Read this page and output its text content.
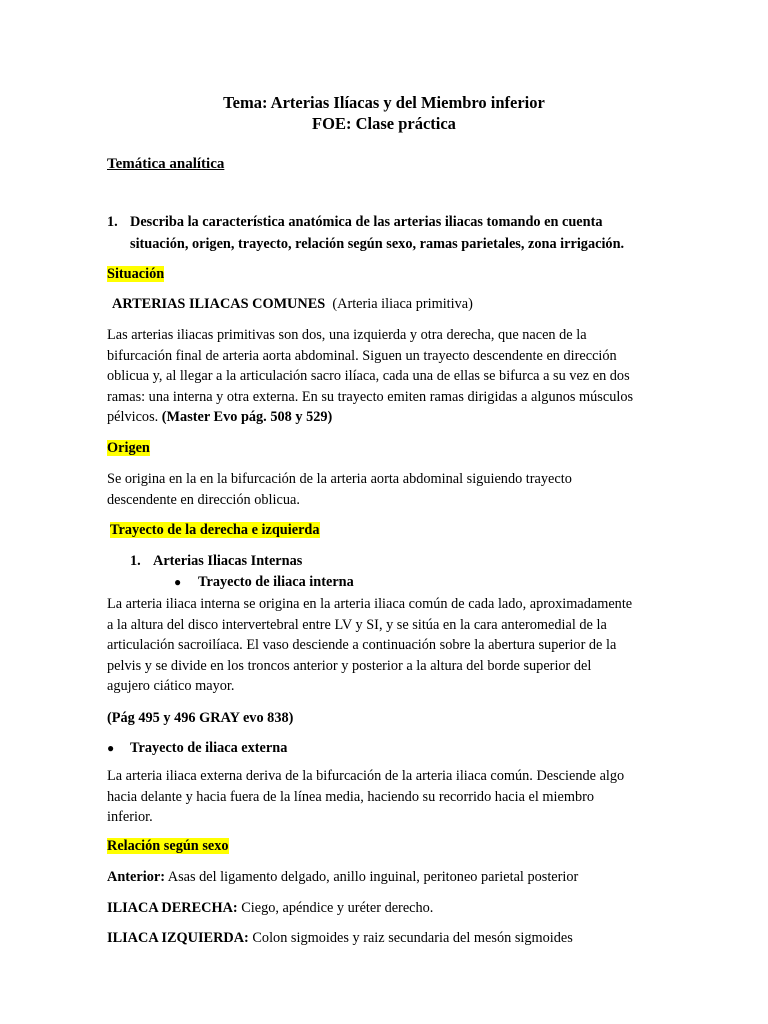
Tema: Arterias Ilíacas y del Miembro inferior
FOE: Clase práctica
Temática analítica
1. Describa la característica anatómica de las arterias iliacas tomando en cuenta
situación, origen, trayecto, relación según sexo, ramas parietales, zona irrigación.
Situación
ARTERIAS ILIACAS COMUNES (Arteria iliaca primitiva)
Las arterias iliacas primitivas son dos, una izquierda y otra derecha, que nacen de la
bifurcación final de arteria aorta abdominal. Siguen un trayecto descendente en dirección
oblicua y, al llegar a la articulación sacro ilíaca, cada una de ellas se bifurca a su vez en dos
ramas: una interna y otra externa. En su trayecto emiten ramas dirigidas a algunos músculos
pélvicos. (Master Evo pág. 508 y 529)
Origen
Se origina en la en la bifurcación de la arteria aorta abdominal siguiendo trayecto
descendente en dirección oblicua.
Trayecto de la derecha e izquierda
1. Arterias Iliacas Internas
● Trayecto de iliaca interna
La arteria iliaca interna se origina en la arteria iliaca común de cada lado, aproximadamente
a la altura del disco intervertebral entre LV y SI, y se sitúa en la cara anteromedial de la
articulación sacroilíaca. El vaso desciende a continuación sobre la abertura superior de la
pelvis y se divide en los troncos anterior y posterior a la altura del borde superior del
agujero ciático mayor.
(Pág 495 y 496 GRAY evo 838)
● Trayecto de iliaca externa
La arteria iliaca externa deriva de la bifurcación de la arteria iliaca común. Desciende algo
hacia delante y hacia fuera de la línea media, haciendo su recorrido hacia el miembro
inferior.
Relación según sexo
Anterior: Asas del ligamento delgado, anillo inguinal, peritoneo parietal posterior
ILIACA DERECHA: Ciego, apéndice y uréter derecho.
ILIACA IZQUIERDA: Colon sigmoides y raiz secundaria del mesón sigmoides
